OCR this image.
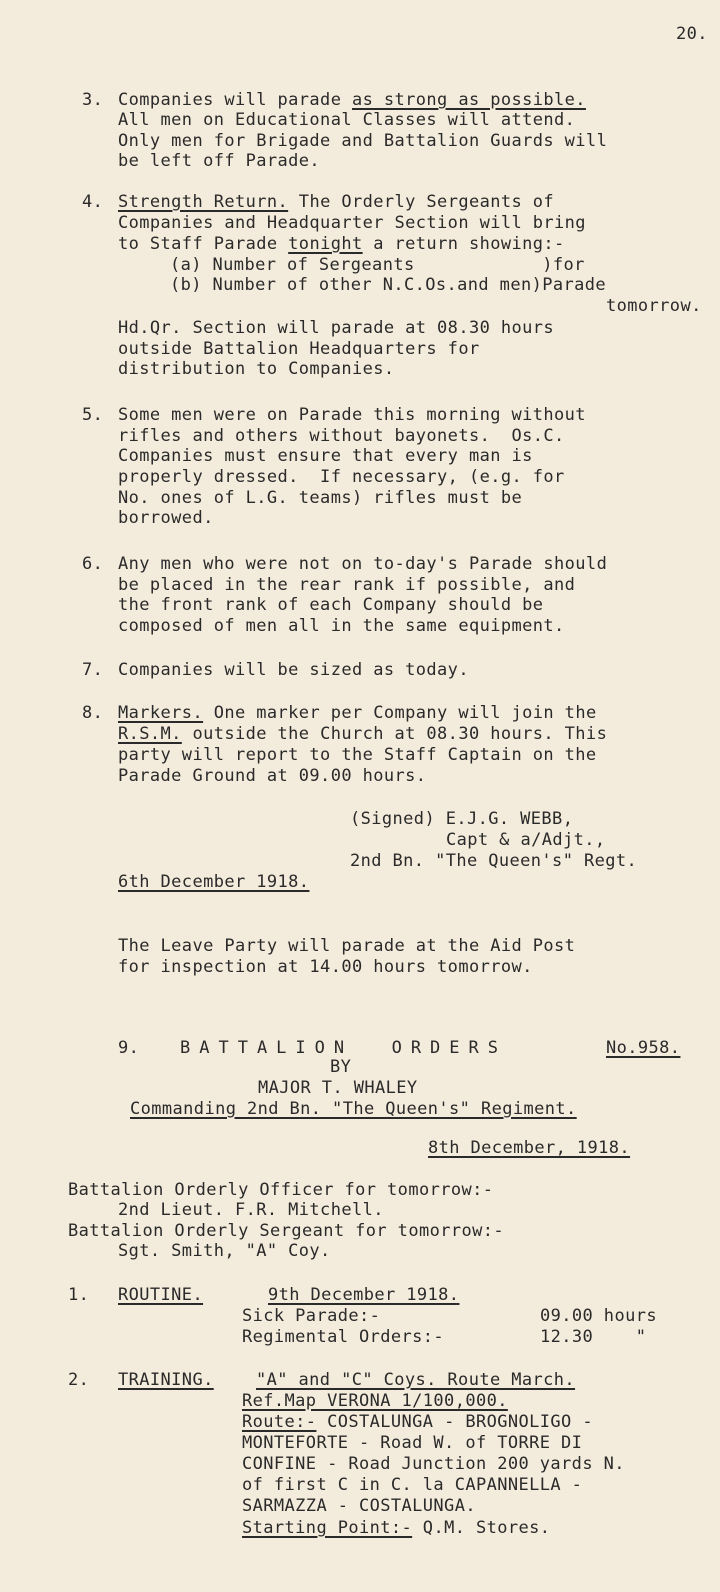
20.
3. Companies will parade as strong as possible.
All men on Educational Classes will attend.
Only men for Brigade and Battalion Guards will
be left off Parade.
4. Strength Return. The Orderly Sergeants of
Companies and Headquarter Section will bring
to Staff Parade tonight a return showing:-
(a) Number of Sergeants            )for
(b) Number of other N.C.Os.and men)Parade
tomorrow.
Hd.Qr. Section will parade at 08.30 hours
outside Battalion Headquarters for
distribution to Companies.
5. Some men were on Parade this morning without
rifles and others without bayonets.  Os.C.
Companies must ensure that every man is
properly dressed.  If necessary, (e.g. for
No. ones of L.G. teams) rifles must be
borrowed.
6. Any men who were not on to-day's Parade should
be placed in the rear rank if possible, and
the front rank of each Company should be
composed of men all in the same equipment.
7. Companies will be sized as today.
8. Markers. One marker per Company will join the
R.S.M. outside the Church at 08.30 hours. This
party will report to the Staff Captain on the
Parade Ground at 09.00 hours.
(Signed) E.J.G. WEBB,
Capt & a/Adjt.,
2nd Bn. "The Queen's" Regt.
6th December 1918.
The Leave Party will parade at the Aid Post
for inspection at 14.00 hours tomorrow.
9. BATTALION  ORDERS	No.958.
BY
MAJOR T. WHALEY
Commanding 2nd Bn. "The Queen's" Regiment.
8th December, 1918.
Battalion Orderly Officer for tomorrow:-
2nd Lieut. F.R. Mitchell.
Battalion Orderly Sergeant for tomorrow:-
Sgt. Smith, "A" Coy.
1. ROUTINE.	9th December 1918.
Sick Parade:-	09.00 hours
Regimental Orders:-	12.30    "
2. TRAINING. "A" and "C" Coys. Route March.
Ref.Map VERONA 1/100,000.
Route:- COSTALUNGA - BROGNOLIGO -
MONTEFORTE - Road W. of TORRE DI
CONFINE - Road Junction 200 yards N.
of first C in C. la CAPANNELLA -
SARMAZZA - COSTALUNGA.
Starting Point:- Q.M. Stores.
